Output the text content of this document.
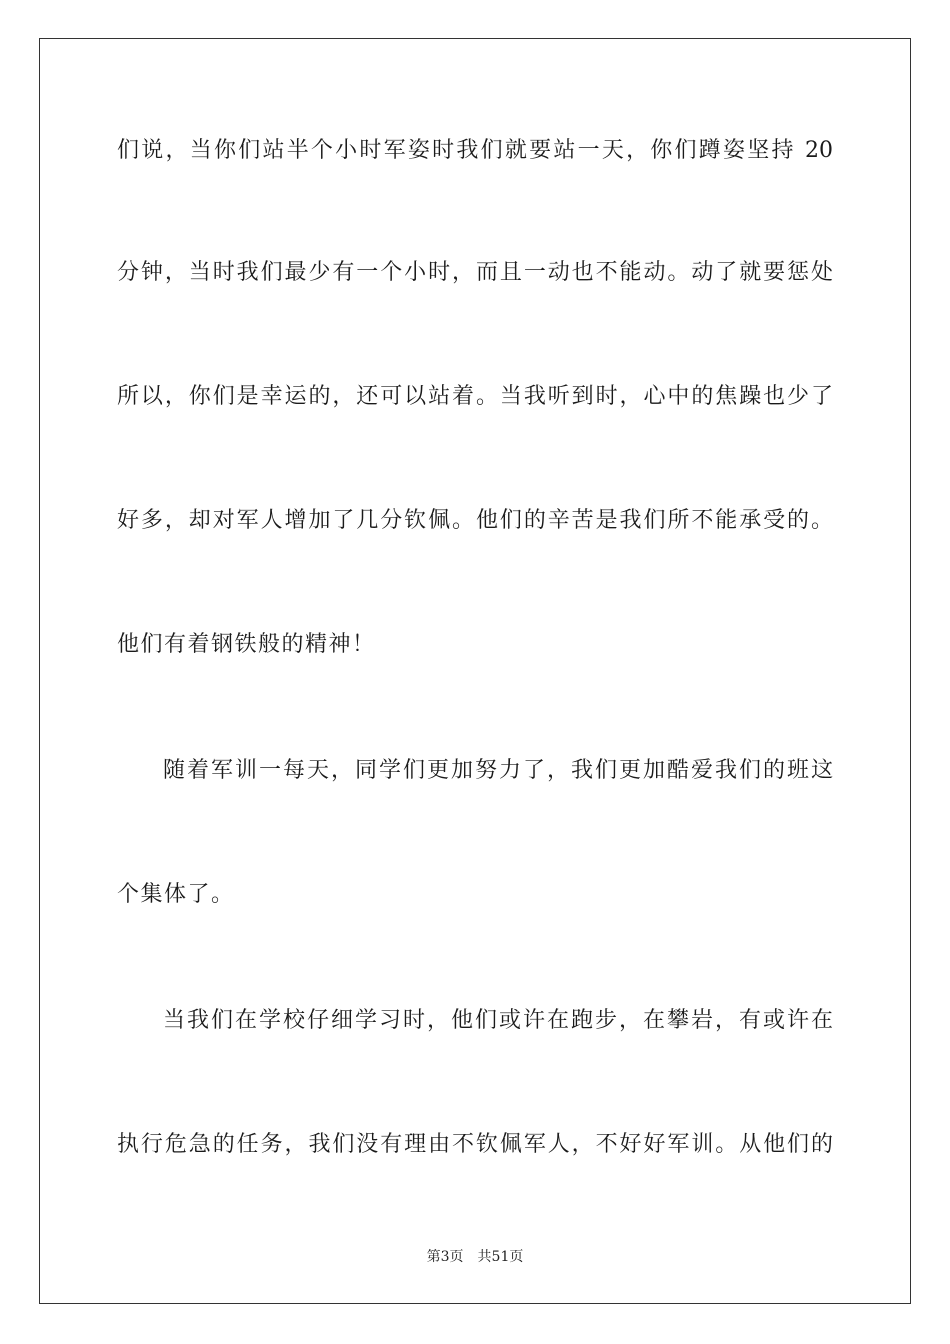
们说，当你们站半个小时军姿时我们就要站一天，你们蹲姿坚持 20
分钟，当时我们最少有一个小时，而且一动也不能动。动了就要惩处
所以，你们是幸运的，还可以站着。当我听到时，心中的焦躁也少了
好多，却对军人增加了几分钦佩。他们的辛苦是我们所不能承受的。
他们有着钢铁般的精神！
随着军训一每天，同学们更加努力了，我们更加酷爱我们的班这
个集体了。
当我们在学校仔细学习时，他们或许在跑步，在攀岩，有或许在
执行危急的任务，我们没有理由不钦佩军人，不好好军训。从他们的
第3页 共51页
